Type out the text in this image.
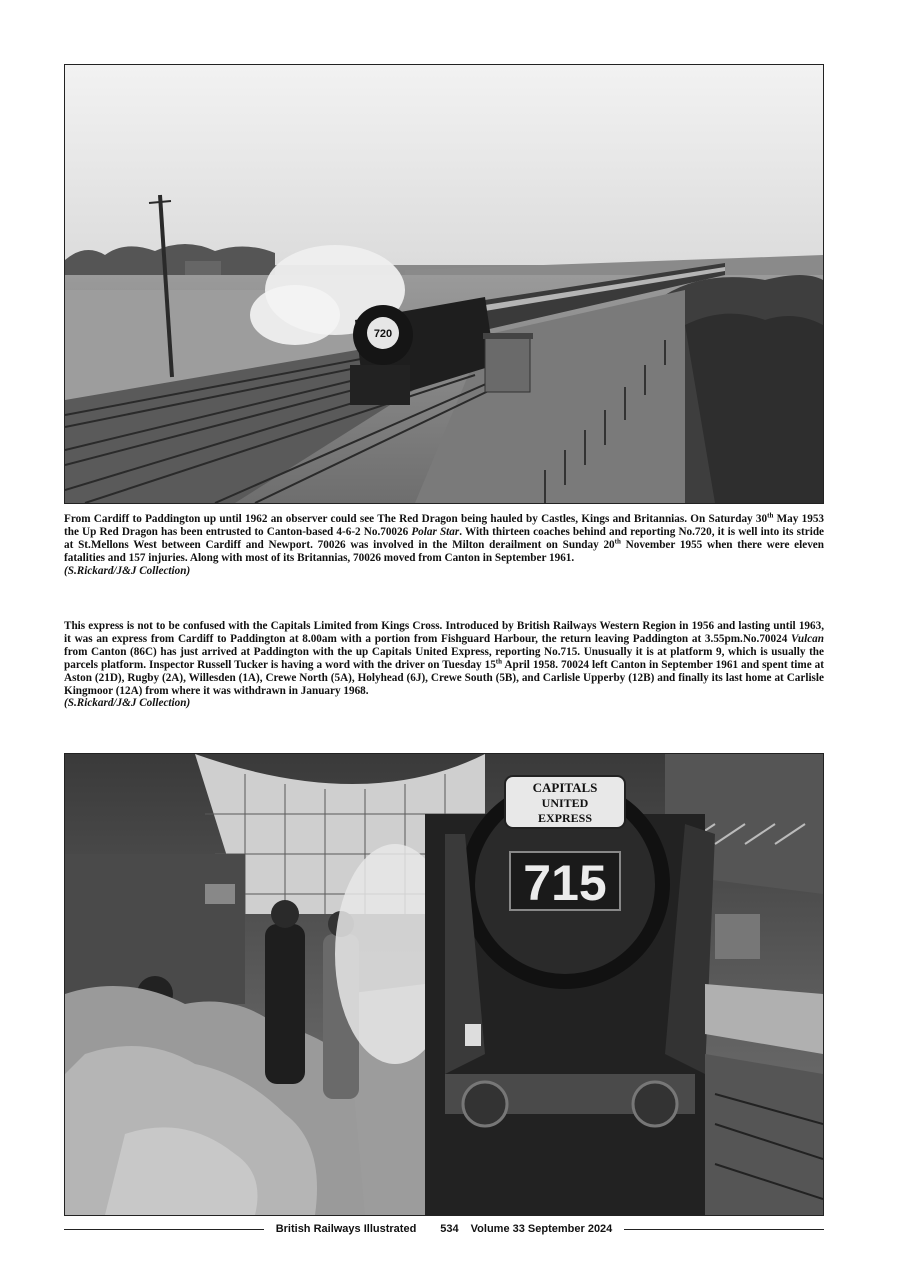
720

From Cardiff to Paddington up until 1962 an observer could see The Red Dragon being hauled by Castles, Kings and Britannias. On Saturday 30th May 1953 the Up Red Dragon has been entrusted to Canton-based 4-6-2 No.70026 Polar Star. With thirteen coaches behind and reporting No.720, it is well into its stride at St.Mellons West between Cardiff and Newport. 70026 was involved in the Milton derailment on Sunday 20th November 1955 when there were eleven fatalities and 157 injuries. Along with most of its Britannias, 70026 moved from Canton in September 1961.

(S.Rickard/J&J Collection)

This express is not to be confused with the Capitals Limited from Kings Cross. Introduced by British Railways Western Region in 1956 and lasting until 1963, it was an express from Cardiff to Paddington at 8.00am with a portion from Fishguard Harbour, the return leaving Paddington at 3.55pm.No.70024 Vulcan from Canton (86C) has just arrived at Paddington with the up Capitals United Express, reporting No.715. Unusually it is at platform 9, which is usually the parcels platform. Inspector Russell Tucker is having a word with the driver on Tuesday 15th April 1958. 70024 left Canton in September 1961 and spent time at Aston (21D), Rugby (2A), Willesden (1A), Crewe North (5A), Holyhead (6J), Crewe South (5B), and Carlisle Upperby (12B) and finally its last home at Carlisle Kingmoor (12A) from where it was withdrawn in January 1968.

(S.Rickard/J&J Collection)
CAPITALS
UNITED
EXPRESS
715
British Railways Illustrated 534 Volume 33 September 2024
